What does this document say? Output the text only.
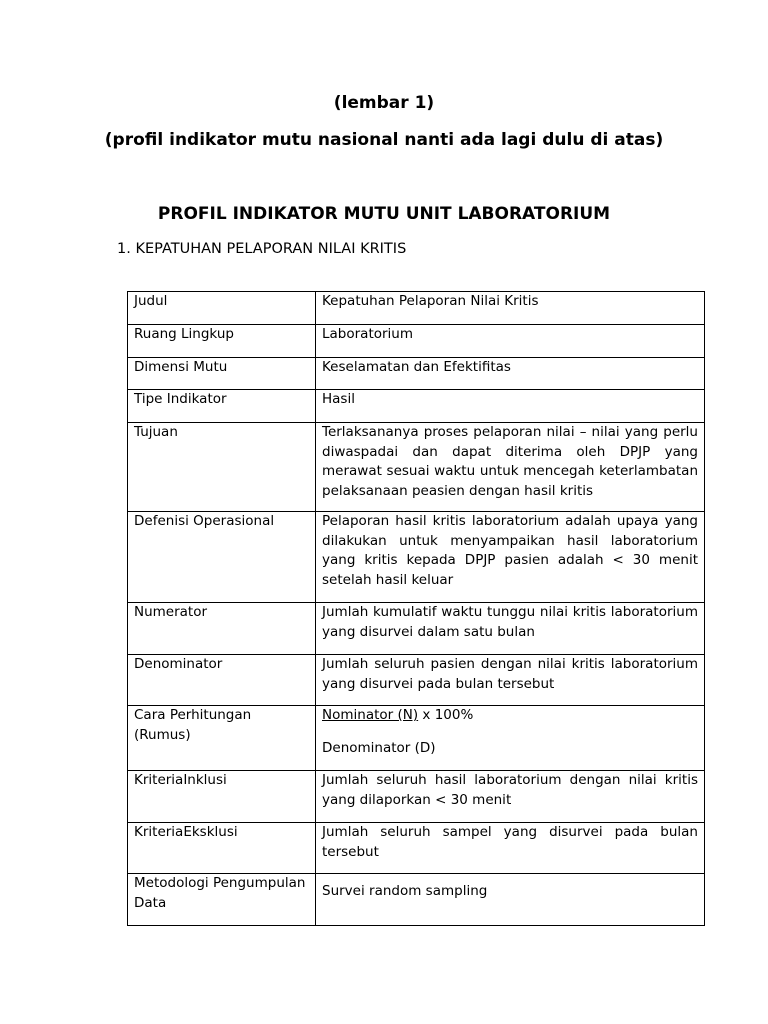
(lembar 1)
(profil indikator mutu nasional nanti ada lagi dulu di atas)
PROFIL INDIKATOR MUTU UNIT LABORATORIUM
1. KEPATUHAN PELAPORAN NILAI KRITIS
Judul	Kepatuhan Pelaporan Nilai Kritis
Ruang Lingkup	Laboratorium
Dimensi Mutu	Keselamatan dan Efektifitas
Tipe Indikator	Hasil
Tujuan	Terlaksananya proses pelaporan nilai – nilai yang perlu diwaspadai dan dapat diterima oleh DPJP yang merawat sesuai waktu untuk mencegah keterlambatan pelaksanaan peasien dengan hasil kritis
Defenisi Operasional	Pelaporan hasil kritis laboratorium adalah upaya yang dilakukan untuk menyampaikan hasil laboratorium yang kritis kepada DPJP pasien adalah < 30 menit setelah hasil keluar
Numerator	Jumlah kumulatif waktu tunggu nilai kritis laboratorium yang disurvei dalam satu bulan
Denominator	Jumlah seluruh pasien dengan nilai kritis laboratorium yang disurvei pada bulan tersebut
Cara Perhitungan (Rumus)	Nominator (N) x 100%
Denominator (D)

KriteriaInklusi	Jumlah seluruh hasil laboratorium dengan nilai kritis yang dilaporkan < 30 menit
KriteriaEksklusi	Jumlah seluruh sampel yang disurvei pada bulan tersebut
Metodologi Pengumpulan Data	Survei random sampling
